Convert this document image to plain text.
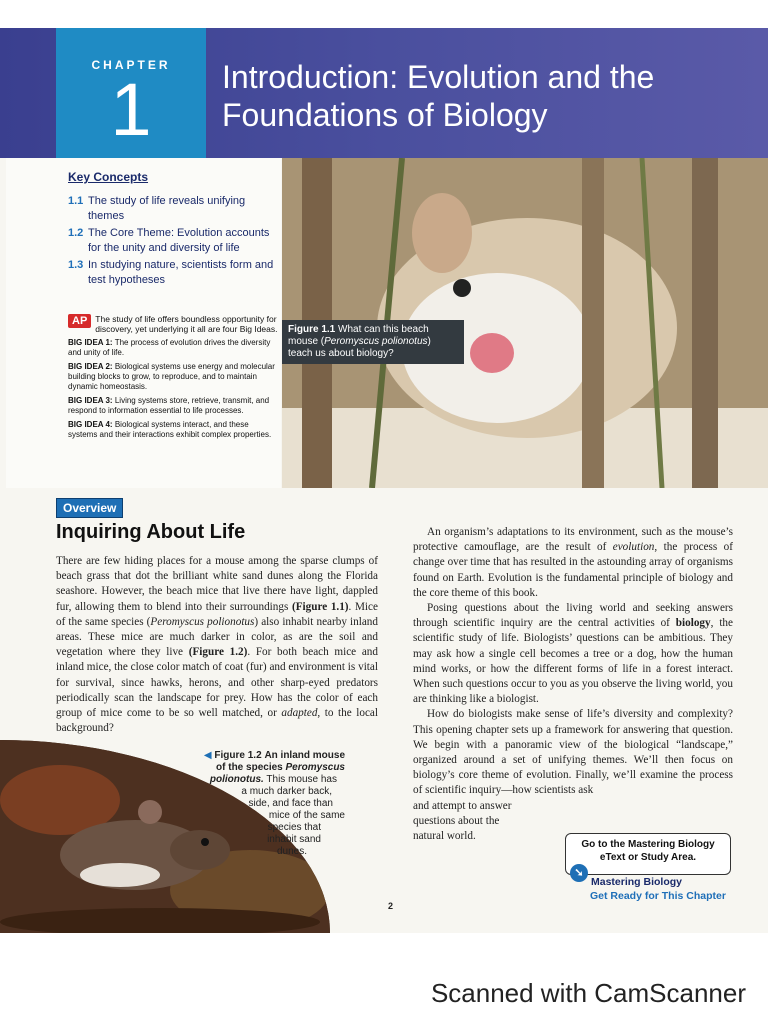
CHAPTER
1	Introduction: Evolution and the
Foundations of Biology
Key Concepts
1.1 The study of life reveals unifying themes
1.2 The Core Theme: Evolution accounts for the unity and diversity of life
1.3 In studying nature, scientists form and test hypotheses
AP The study of life offers boundless opportunity for discovery, yet underlying it all are four Big Ideas.
BIG IDEA 1: The process of evolution drives the diversity and unity of life.
BIG IDEA 2: Biological systems use energy and molecular building blocks to grow, to reproduce, and to maintain dynamic homeostasis.
BIG IDEA 3: Living systems store, retrieve, transmit, and respond to information essential to life processes.
BIG IDEA 4: Biological systems interact, and these systems and their interactions exhibit complex properties.
Figure 1.1 What can this beach mouse (Peromyscus polionotus) teach us about biology?
Overview
Inquiring About Life
There are few hiding places for a mouse among the sparse clumps of beach grass that dot the brilliant white sand dunes along the Florida seashore. However, the beach mice that live there have light, dappled fur, allowing them to blend into their surroundings (Figure 1.1). Mice of the same species (Peromyscus polionotus) also inhabit nearby inland areas. These mice are much darker in color, as are the soil and vegetation where they live (Figure 1.2). For both beach mice and inland mice, the close color match of coat (fur) and environment is vital for survival, since hawks, herons, and other sharp-eyed predators periodically scan the landscape for prey. How has the color of each group of mice come to be so well matched, or adapted, to the local background?

An organism’s adaptations to its environment, such as the mouse’s protective camouflage, are the result of evolution, the process of change over time that has resulted in the astounding array of organisms found on Earth. Evolution is the fundamental principle of biology and the core theme of this book.

Posing questions about the living world and seeking answers through scientific inquiry are the central activities of biology, the scientific study of life. Biologists’ questions can be ambitious. They may ask how a single cell becomes a tree or a dog, how the human mind works, or how the different forms of life in a forest interact. When such questions occur to you as you observe the living world, you are thinking like a biologist.

How do biologists make sense of life’s diversity and complexity? This opening chapter sets up a framework for answering that question. We begin with a panoramic view of the biological “landscape,” organized around a set of unifying themes. We’ll then focus on biology’s core theme of evolution. Finally, we’ll examine the process of scientific inquiry—how scientists ask

and attempt to answer
questions about the
natural world.

◀ Figure 1.2 An inland mouse
of the species Peromyscus
polionotus. This mouse has
a much darker back,
side, and face than
mice of the same
species that
inhabit sand
dunes.
Go to the Mastering Biology
eText or Study Area.
➘
Mastering Biology
Get Ready for This Chapter
2
Scanned with CamScanner
